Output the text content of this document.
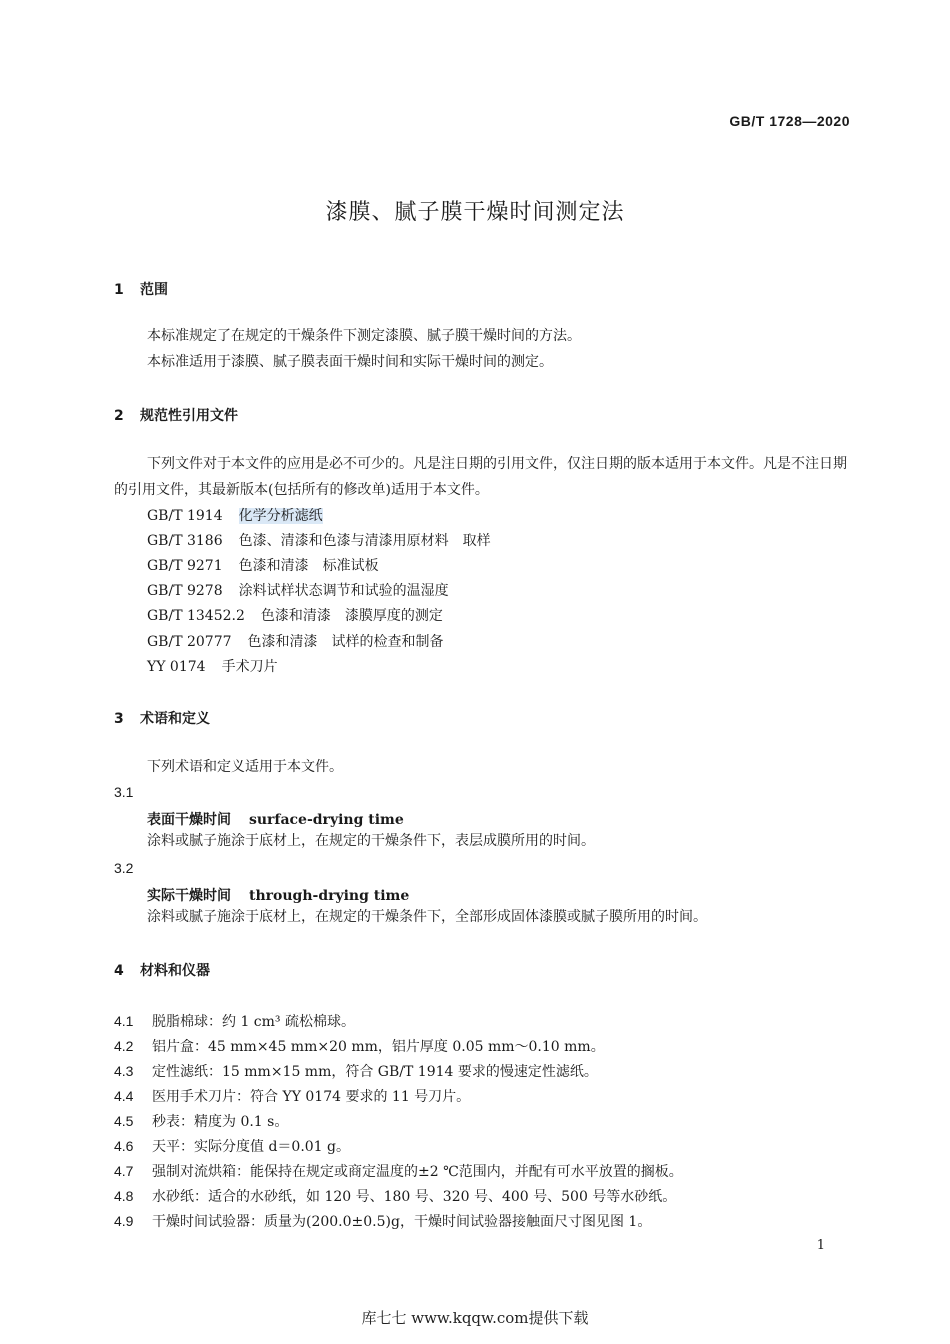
GB/T 1728—2020
漆膜、腻子膜干燥时间测定法
1 范围
本标准规定了在规定的干燥条件下测定漆膜、腻子膜干燥时间的方法。
本标准适用于漆膜、腻子膜表面干燥时间和实际干燥时间的测定。
2 规范性引用文件
下列文件对于本文件的应用是必不可少的。凡是注日期的引用文件，仅注日期的版本适用于本文件。凡是不注日期的引用文件，其最新版本(包括所有的修改单)适用于本文件。
GB/T 1914 化学分析滤纸
GB/T 3186 色漆、清漆和色漆与清漆用原材料　取样
GB/T 9271 色漆和清漆　标准试板
GB/T 9278 涂料试样状态调节和试验的温湿度
GB/T 13452.2 色漆和清漆　漆膜厚度的测定
GB/T 20777 色漆和清漆　试样的检查和制备
YY 0174 手术刀片
3 术语和定义
下列术语和定义适用于本文件。
3.1
表面干燥时间 surface-drying time
涂料或腻子施涂于底材上，在规定的干燥条件下，表层成膜所用的时间。
3.2
实际干燥时间 through-drying time
涂料或腻子施涂于底材上，在规定的干燥条件下，全部形成固体漆膜或腻子膜所用的时间。
4 材料和仪器
4.1 脱脂棉球：约 1 cm³ 疏松棉球。
4.2 铝片盒：45 mm×45 mm×20 mm，铝片厚度 0.05 mm～0.10 mm。
4.3 定性滤纸：15 mm×15 mm，符合 GB/T 1914 要求的慢速定性滤纸。
4.4 医用手术刀片：符合 YY 0174 要求的 11 号刀片。
4.5 秒表：精度为 0.1 s。
4.6 天平：实际分度值 d＝0.01 g。
4.7 强制对流烘箱：能保持在规定或商定温度的±2 ℃范围内，并配有可水平放置的搁板。
4.8 水砂纸：适合的水砂纸，如 120 号、180 号、320 号、400 号、500 号等水砂纸。
4.9 干燥时间试验器：质量为(200.0±0.5)g，干燥时间试验器接触面尺寸图见图 1。
1
库七七 www.kqqw.com提供下载
